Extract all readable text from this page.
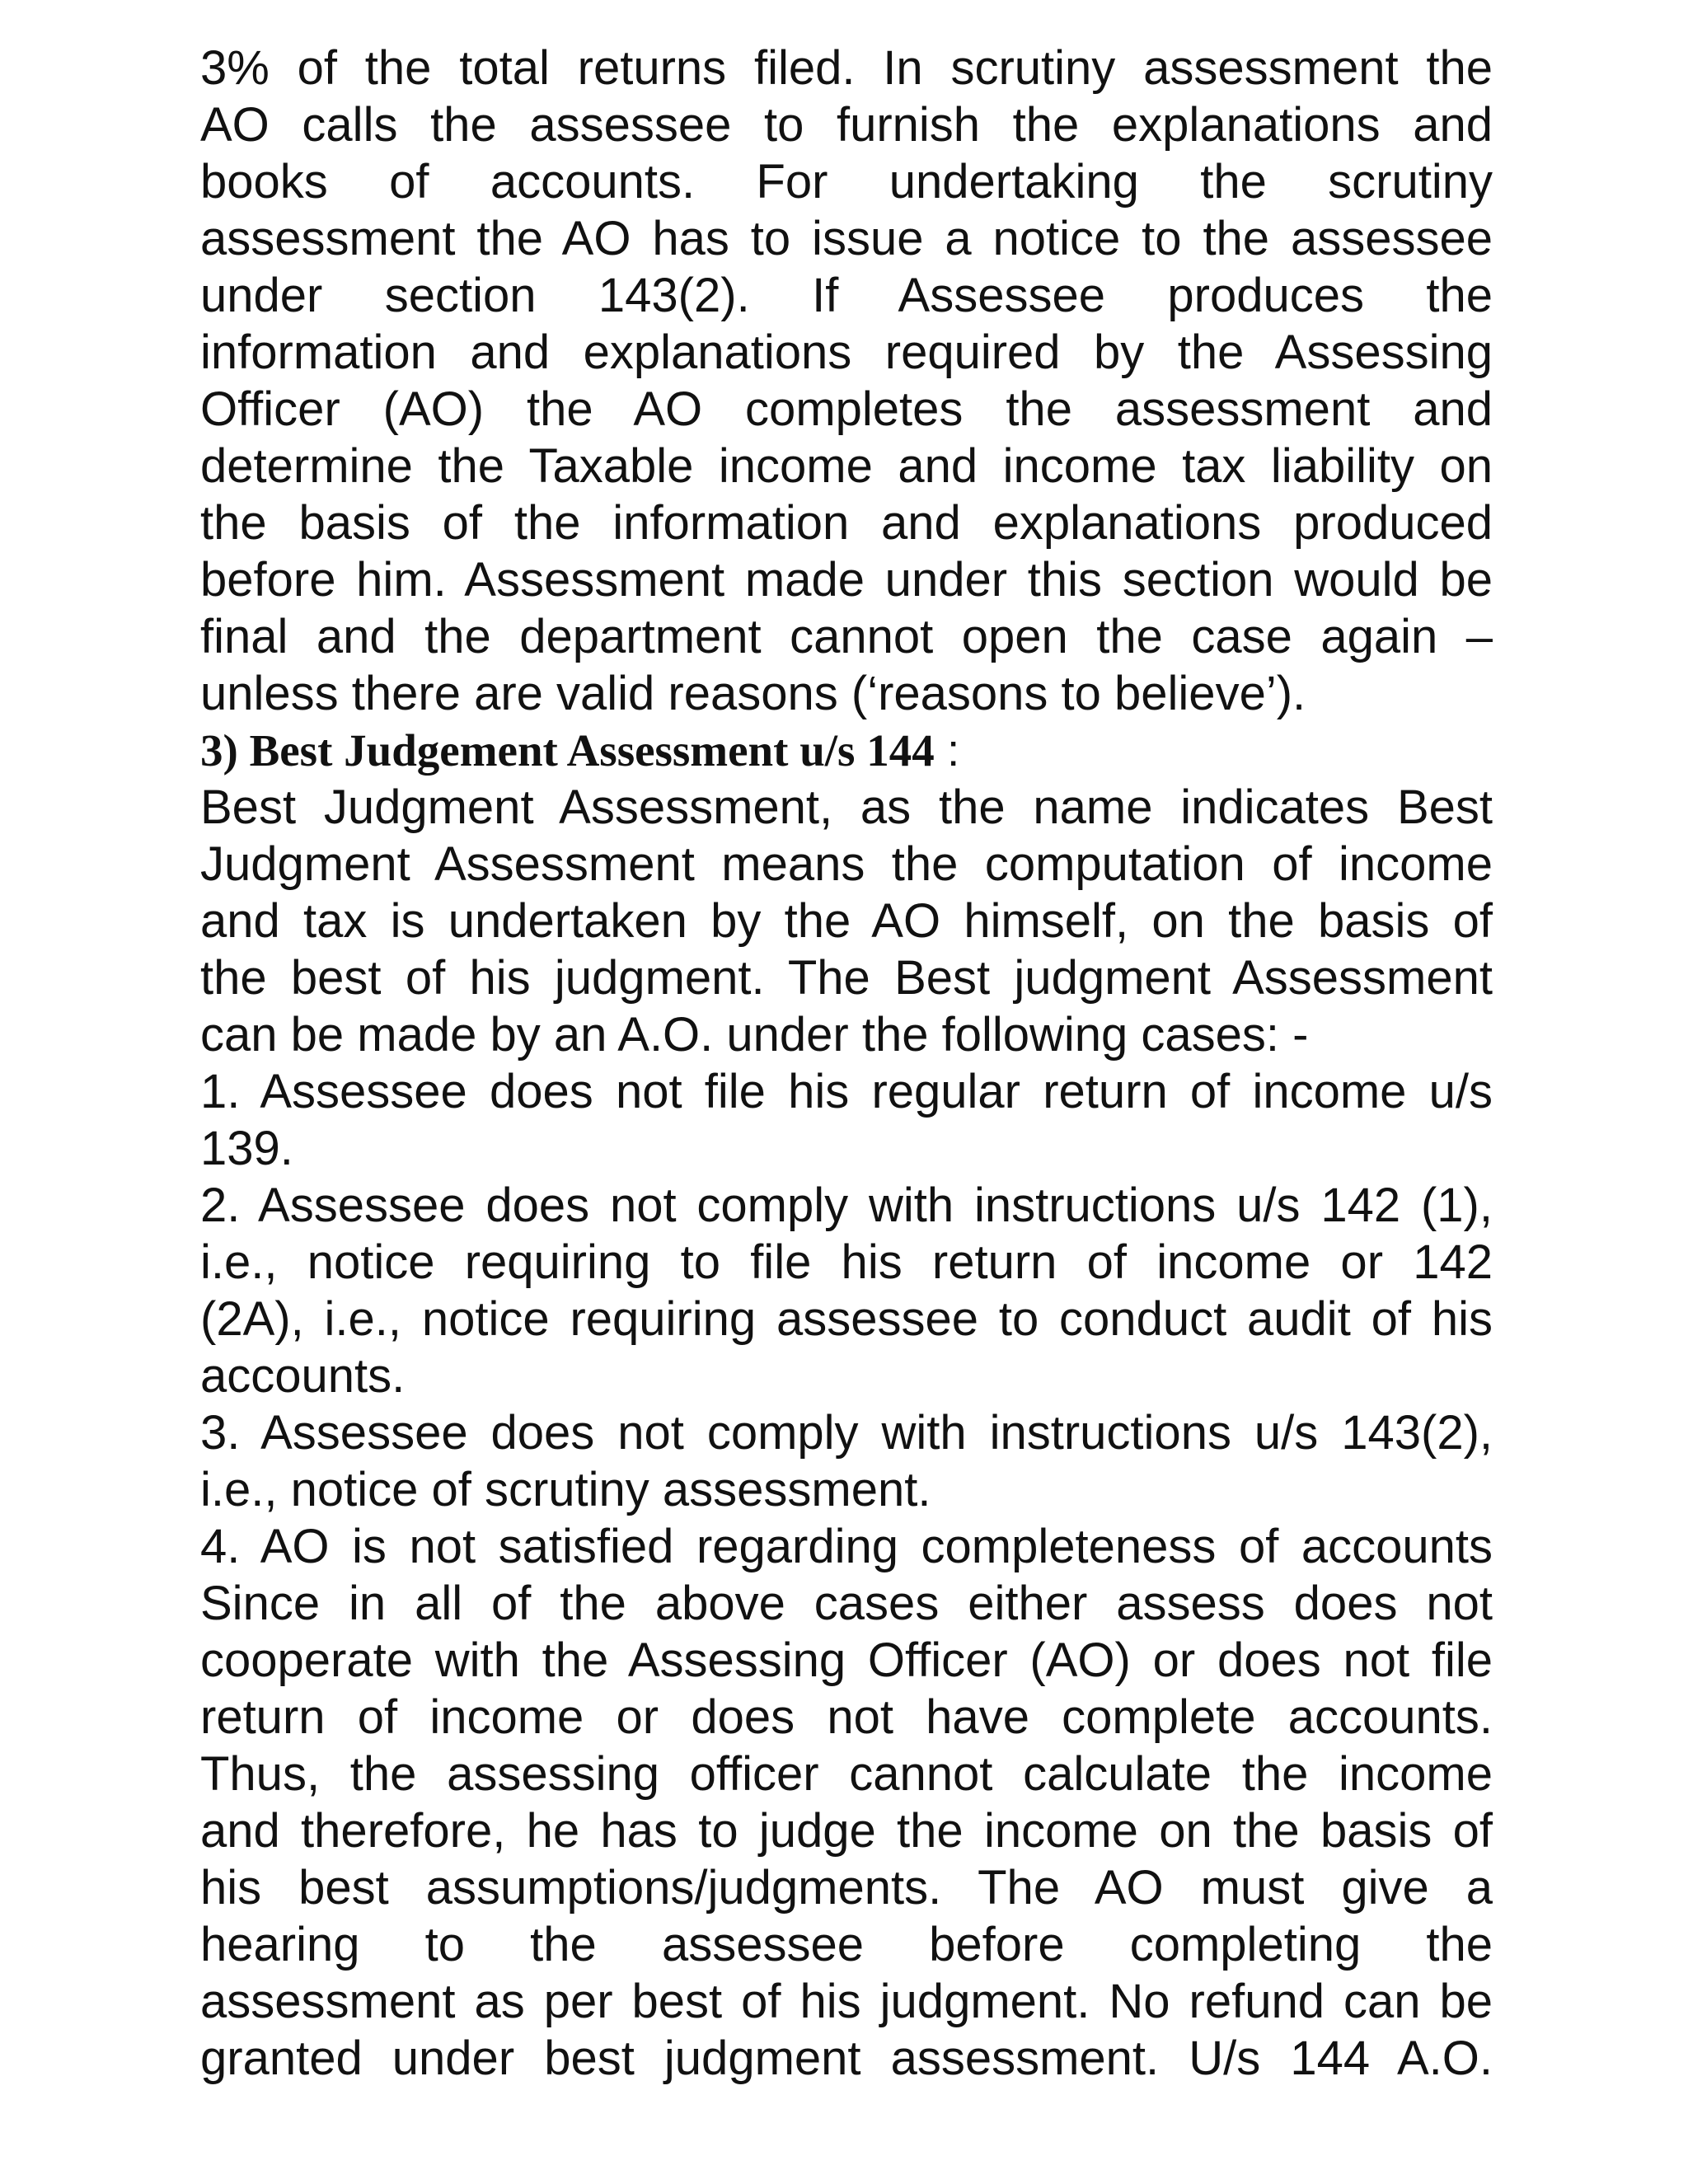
3% of the total returns filed. In scrutiny assessment the
AO calls the assessee to furnish the explanations and
books of accounts. For undertaking the scrutiny
assessment the AO has to issue a notice to the assessee
under section 143(2). If Assessee produces the
information and explanations required by the Assessing
Officer (AO) the AO completes the assessment and
determine the Taxable income and income tax liability on
the basis of the information and explanations produced
before him. Assessment made under this section would be
final and the department cannot open the case again –
unless there are valid reasons (‘reasons to believe’).
3) Best Judgement Assessment u/s 144 :
Best Judgment Assessment, as the name indicates Best
Judgment Assessment means the computation of income
and tax is undertaken by the AO himself, on the basis of
the best of his judgment. The Best judgment Assessment
can be made by an A.O. under the following cases: -
1. Assessee does not file his regular return of income u/s
139.
2. Assessee does not comply with instructions u/s 142 (1),
i.e., notice requiring to file his return of income or 142
(2A), i.e., notice requiring assessee to conduct audit of his
accounts.
3. Assessee does not comply with instructions u/s 143(2),
i.e., notice of scrutiny assessment.
4. AO is not satisfied regarding completeness of accounts
Since in all of the above cases either assess does not
cooperate with the Assessing Officer (AO) or does not file
return of income or does not have complete accounts.
Thus, the assessing officer cannot calculate the income
and therefore, he has to judge the income on the basis of
his best assumptions/judgments. The AO must give a
hearing to the assessee before completing the
assessment as per best of his judgment. No refund can be
granted under best judgment assessment. U/s 144 A.O.
